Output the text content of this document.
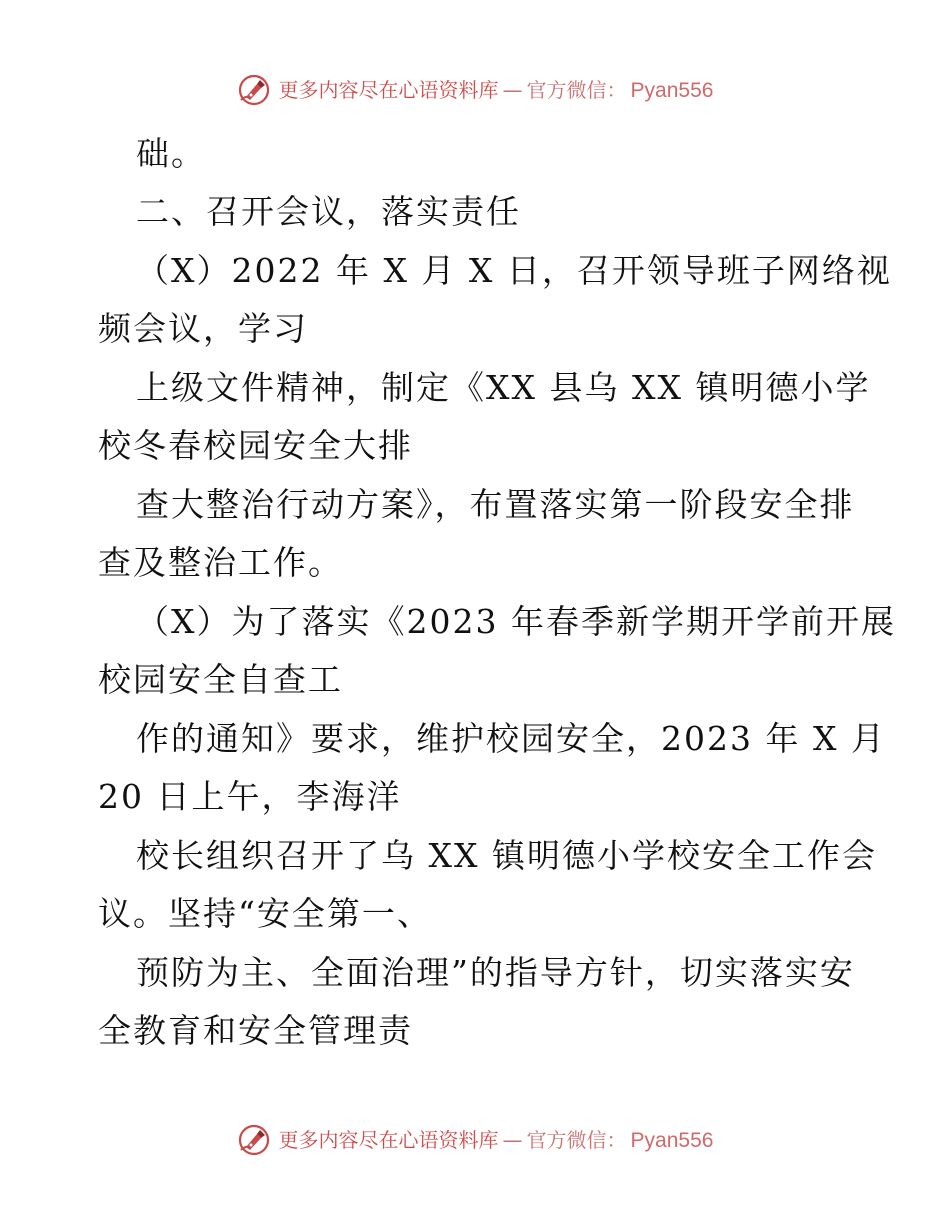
更多内容尽在心语资料库 — 官方微信 ： Pyan556
础。
二、召开会议，落实责任
（X）2022 年 X 月 X 日，召开领导班子网络视
频会议，学习
上级文件精神，制定《XX 县乌 XX 镇明德小学
校冬春校园安全大排
查大整治行动方案》，布置落实第一阶段安全排
查及整治工作。
（X）为了落实《2023 年春季新学期开学前开展
校园安全自查工
作的通知》要求，维护校园安全，2023 年 X 月
20 日上午，李海洋
校长组织召开了乌 XX 镇明德小学校安全工作会
议。坚持“安全第一、
预防为主、全面治理”的指导方针，切实落实安
全教育和安全管理责
更多内容尽在心语资料库 — 官方微信 ： Pyan556
